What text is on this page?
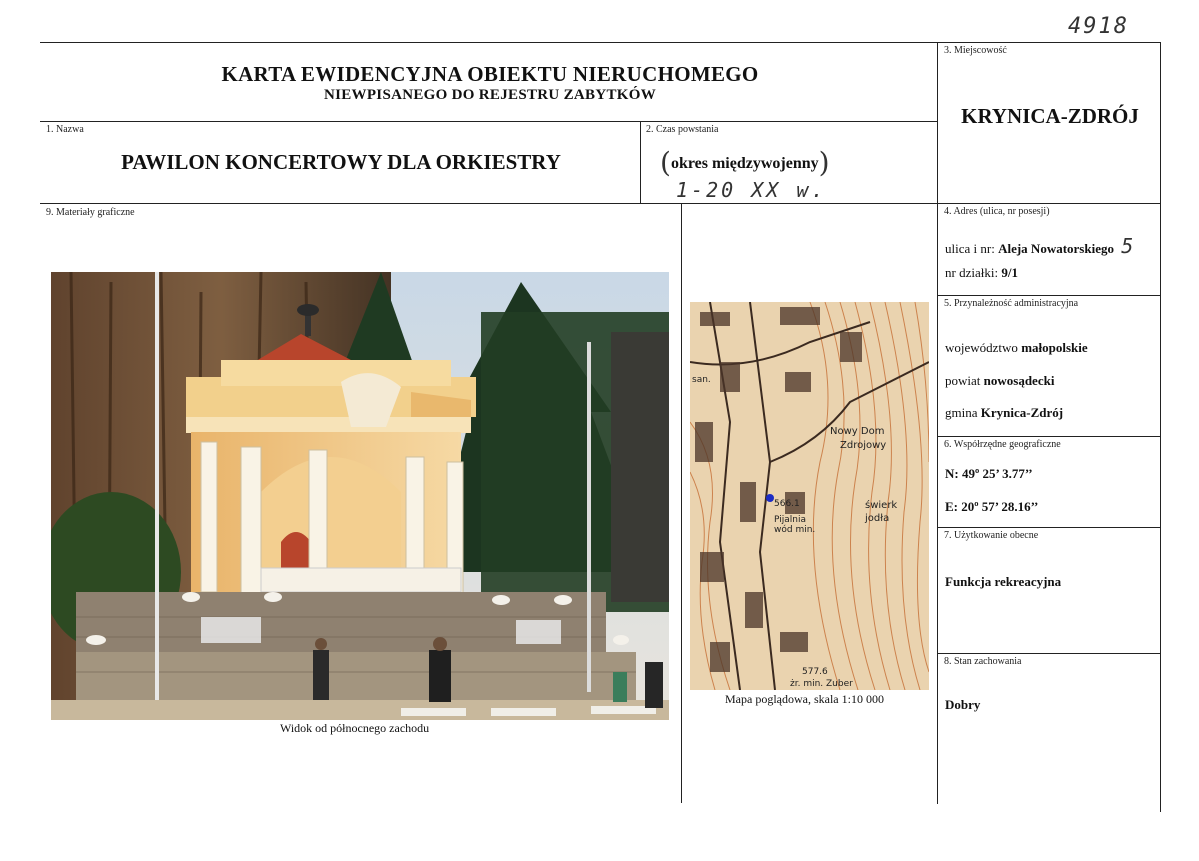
4918
KARTA EWIDENCYJNA OBIEKTU NIERUCHOMEGO
NIEWPISANEGO DO REJESTRU ZABYTKÓW
3. Miejscowość
KRYNICA-ZDRÓJ
1. Nazwa
PAWILON KONCERTOWY DLA ORKIESTRY
2. Czas powstania
(okres międzywojenny)
1-20 XX w.
9. Materiały graficzne
Widok od północnego zachodu
Nowy Dom
Zdrojowy
566.1
Pijalnia
wód min.
świerk
jodła
577.6
żr. min. Zuber
san.
Mapa poglądowa, skala 1:10 000
4. Adres (ulica, nr posesji)
ulica i nr: Aleja Nowatorskiego 5
nr działki: 9/1
5. Przynależność administracyjna
województwo małopolskie
powiat nowosądecki
gmina Krynica-Zdrój
6. Współrzędne geograficzne
N: 49º 25’ 3.77’’
E: 20º 57’ 28.16’’
7. Użytkowanie obecne
Funkcja rekreacyjna
8. Stan zachowania
Dobry
